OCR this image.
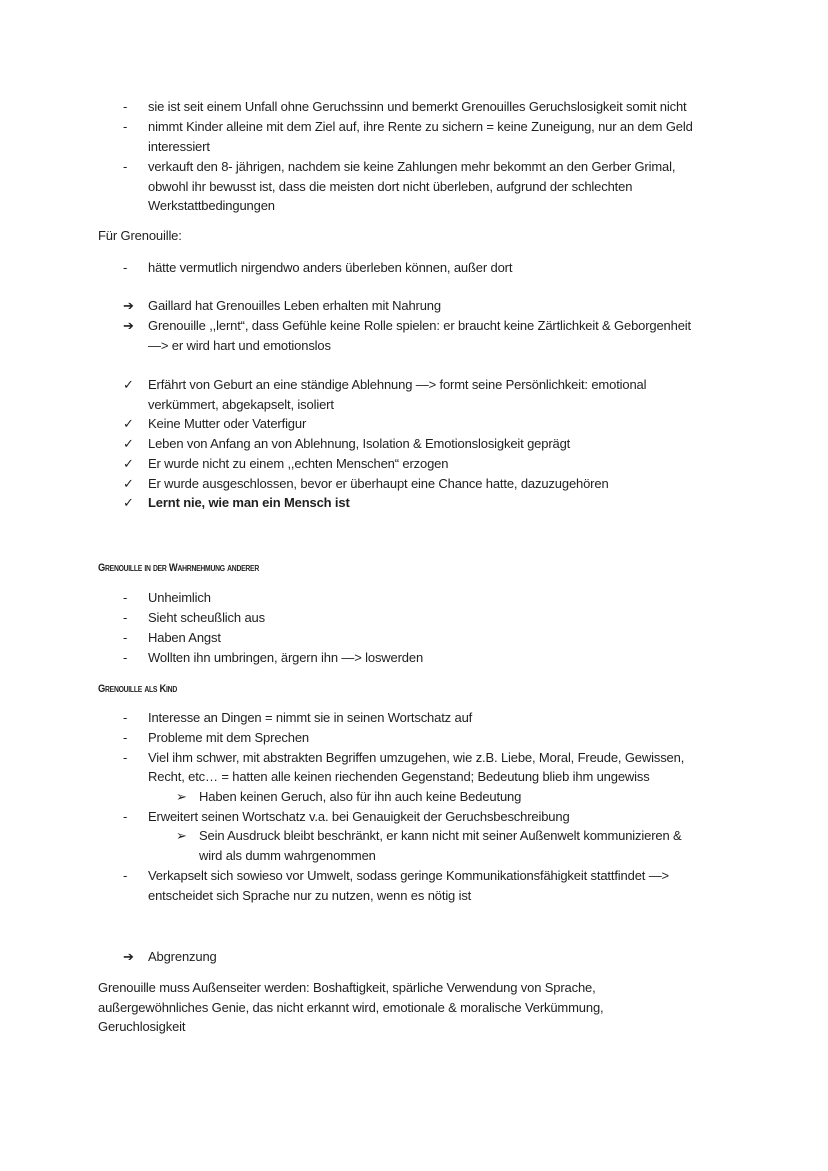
- sie ist seit einem Unfall ohne Geruchssinn und bemerkt Grenouilles Geruchslosigkeit somit nicht
- nimmt Kinder alleine mit dem Ziel auf, ihre Rente zu sichern = keine Zuneigung, nur an dem Geld
interessiert
- verkauft den 8- jährigen, nachdem sie keine Zahlungen mehr bekommt an den Gerber Grimal,
obwohl ihr bewusst ist, dass die meisten dort nicht überleben, aufgrund der schlechten
Werkstattbedingungen
Für Grenouille:
- hätte vermutlich nirgendwo anders überleben können, außer dort
➔ Gaillard hat Grenouilles Leben erhalten mit Nahrung
➔ Grenouille ,,lernt“, dass Gefühle keine Rolle spielen: er braucht keine Zärtlichkeit & Geborgenheit
—> er wird hart und emotionslos
✓ Erfährt von Geburt an eine ständige Ablehnung —> formt seine Persönlichkeit: emotional
verkümmert, abgekapselt, isoliert
✓ Keine Mutter oder Vaterfigur
✓ Leben von Anfang an von Ablehnung, Isolation & Emotionslosigkeit geprägt
✓ Er wurde nicht zu einem ,,echten Menschen“ erzogen
✓ Er wurde ausgeschlossen, bevor er überhaupt eine Chance hatte, dazuzugehören
✓ Lernt nie, wie man ein Mensch ist
Grenouille in der Wahrnehmung anderer
- Unheimlich
- Sieht scheußlich aus
- Haben Angst
- Wollten ihn umbringen, ärgern ihn —> loswerden
Grenouille als Kind
- Interesse an Dingen = nimmt sie in seinen Wortschatz auf
- Probleme mit dem Sprechen
- Viel ihm schwer, mit abstrakten Begriffen umzugehen, wie z.B. Liebe, Moral, Freude, Gewissen,
Recht, etc… = hatten alle keinen riechenden Gegenstand; Bedeutung blieb ihm ungewiss
➢ Haben keinen Geruch, also für ihn auch keine Bedeutung
- Erweitert seinen Wortschatz v.a. bei Genauigkeit der Geruchsbeschreibung
➢ Sein Ausdruck bleibt beschränkt, er kann nicht mit seiner Außenwelt kommunizieren &
wird als dumm wahrgenommen
- Verkapselt sich sowieso vor Umwelt, sodass geringe Kommunikationsfähigkeit stattfindet —>
entscheidet sich Sprache nur zu nutzen, wenn es nötig ist
➔ Abgrenzung
Grenouille muss Außenseiter werden: Boshaftigkeit, spärliche Verwendung von Sprache,
außergewöhnliches Genie, das nicht erkannt wird, emotionale & moralische Verkümmung,
Geruchlosigkeit
